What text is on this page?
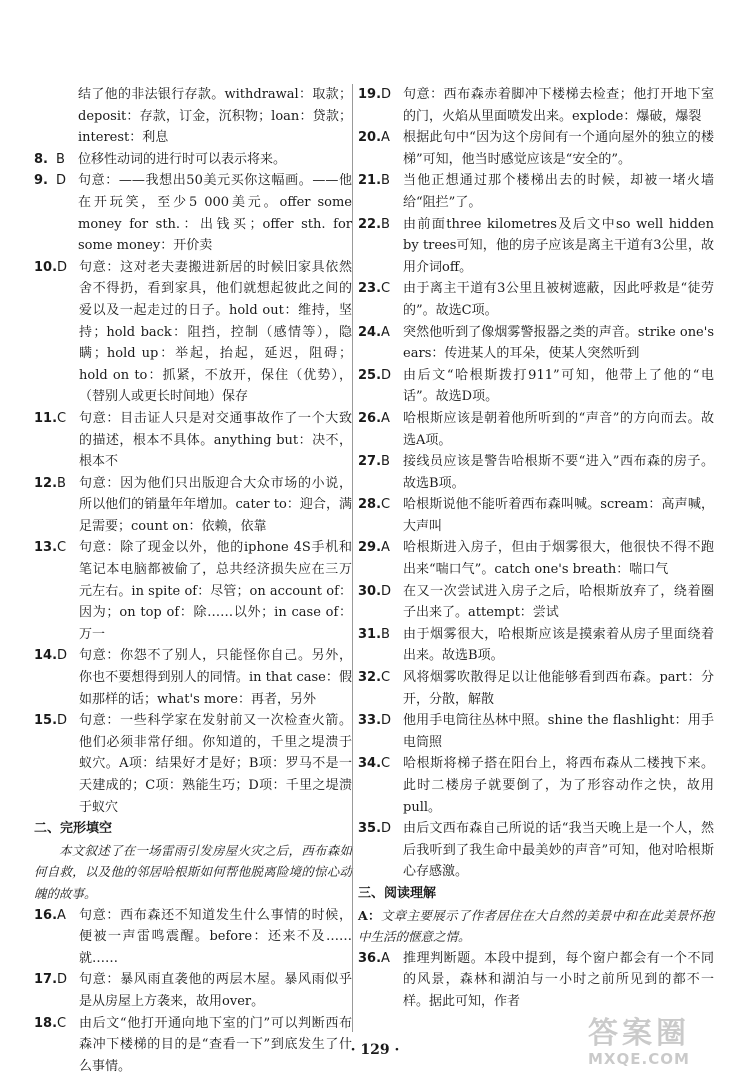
结了他的非法银行存款。withdrawal：取款；deposit：存款，订金，沉积物；loan：贷款；interest：利息
8. B	位移性动词的进行时可以表示将来。
9. D 句意：——我想出50美元买你这幅画。——他在开玩笑，至少5 000美元。offer some money for sth.：出钱买；offer sth. for some money：开价卖
10. D 句意：这对老夫妻搬进新居的时候旧家具依然舍不得扔，看到家具，他们就想起彼此之间的爱以及一起走过的日子。hold out：维持，坚持；hold back：阻挡，控制（感情等），隐瞒；hold up：举起，抬起，延迟，阻碍；hold on to：抓紧，不放开，保住（优势），（替别人或更长时间地）保存
11. C 句意：目击证人只是对交通事故作了一个大致的描述，根本不具体。anything but：决不，根本不
12. B	句意：因为他们只出版迎合大众市场的小说，所以他们的销量年年增加。cater to：迎合，满足需要；count on：依赖，依靠
13. C 句意：除了现金以外，他的iphone 4S手机和笔记本电脑都被偷了，总共经济损失应在三万元左右。in spite of：尽管；on account of：因为；on top of：除……以外；in case of：万一
14. D 句意：你怨不了别人，只能怪你自己。另外，你也不要想得到别人的同情。in that case：假如那样的话；what's more：再者，另外
15. D 句意：一些科学家在发射前又一次检查火箭。他们必须非常仔细。你知道的，千里之堤溃于蚁穴。A项：结果好才是好；B项：罗马不是一天建成的；C项：熟能生巧；D项：千里之堤溃于蚁穴
二、完形填空
本文叙述了在一场雷雨引发房屋火灾之后，西布森如何自救，以及他的邻居哈根斯如何帮他脱离险境的惊心动魄的故事。
16. A	句意：西布森还不知道发生什么事情的时候，便被一声雷鸣震醒。before：还来不及……就……
17. D 句意：暴风雨直袭他的两层木屋。暴风雨似乎是从房屋上方袭来，故用over。
18. C 由后文“他打开通向地下室的门”可以判断西布森冲下楼梯的目的是“查看一下”到底发生了什么事情。
19. D 句意：西布森赤着脚冲下楼梯去检查；他打开地下室的门，火焰从里面喷发出来。explode：爆破，爆裂
20. A	根据此句中“因为这个房间有一个通向屋外的独立的楼梯”可知，他当时感觉应该是“安全的”。
21. B	当他正想通过那个楼梯出去的时候，却被一堵火墙给“阻拦”了。
22. B	由前面three kilometres及后文中so well hidden by trees可知，他的房子应该是离主干道有3公里，故用介词off。
23. C 由于离主干道有3公里且被树遮蔽，因此呼救是“徒劳的”。故选C项。
24. A	突然他听到了像烟雾警报器之类的声音。strike one's ears：传进某人的耳朵，使某人突然听到
25. D 由后文“哈根斯拨打911”可知，他带上了他的“电话”。故选D项。
26. A	哈根斯应该是朝着他所听到的“声音”的方向而去。故选A项。
27. B	接线员应该是警告哈根斯不要“进入”西布森的房子。故选B项。
28. C 哈根斯说他不能听着西布森叫喊。scream：高声喊，大声叫
29. A	哈根斯进入房子，但由于烟雾很大，他很快不得不跑出来“喘口气”。catch one's breath：喘口气
30. D 在又一次尝试进入房子之后，哈根斯放弃了，绕着圈子出来了。attempt：尝试
31. B	由于烟雾很大，哈根斯应该是摸索着从房子里面绕着出来。故选B项。
32. C 风将烟雾吹散得足以让他能够看到西布森。part：分开，分散，解散
33. D 他用手电筒往丛林中照。shine the flashlight：用手电筒照
34. C 哈根斯将梯子搭在阳台上，将西布森从二楼拽下来。此时二楼房子就要倒了，为了形容动作之快，故用pull。
35. D 由后文西布森自己所说的话“我当天晚上是一个人，然后我听到了我生命中最美妙的声音”可知，他对哈根斯心存感激。
三、阅读理解
A：文章主要展示了作者居住在大自然的美景中和在此美景怀抱中生活的惬意之情。
36. A	推理判断题。本段中提到，每个窗户都会有一个不同的风景，森林和湖泊与一小时之前所见到的都不一样。据此可知，作者
· 129 ·	答案圈
MXQE.COM
